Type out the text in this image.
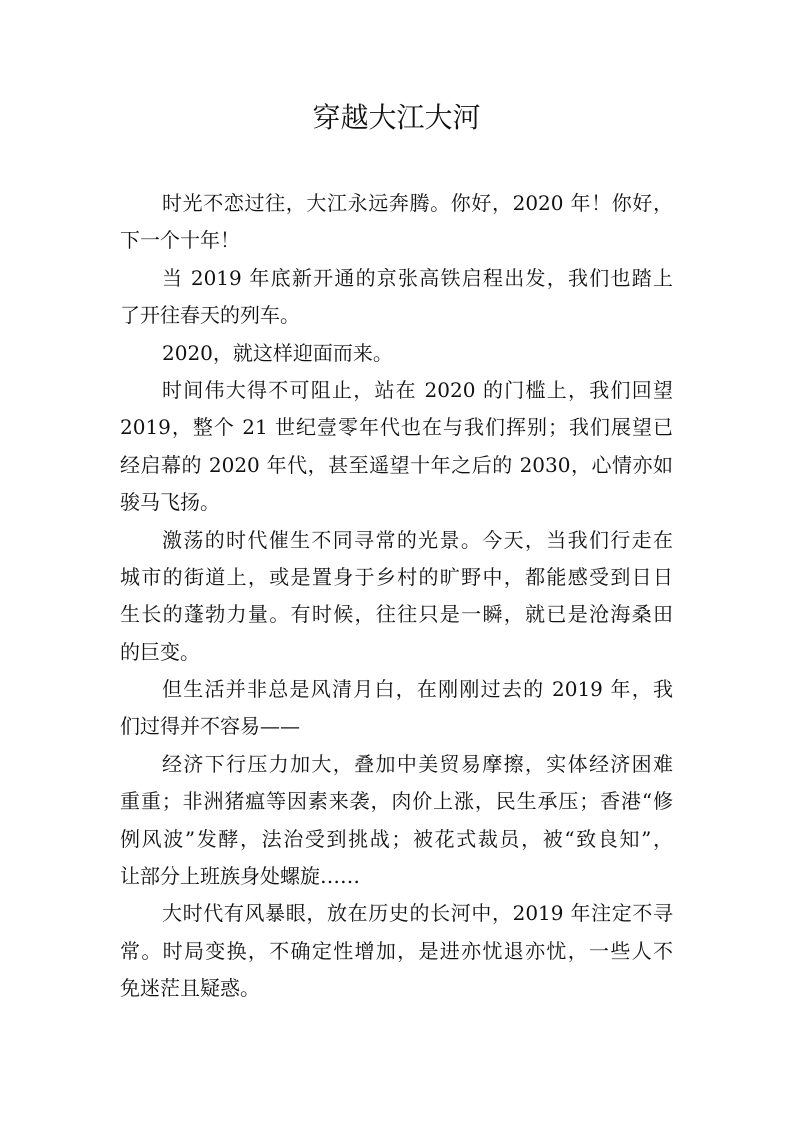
穿越大江大河
时光不恋过往，大江永远奔腾。你好，2020 年！你好，
下一个十年！
当 2019 年底新开通的京张高铁启程出发，我们也踏上
了开往春天的列车。
2020，就这样迎面而来。
时间伟大得不可阻止，站在 2020 的门槛上，我们回望
2019，整个 21 世纪壹零年代也在与我们挥别；我们展望已
经启幕的 2020 年代，甚至遥望十年之后的 2030，心情亦如
骏马飞扬。
激荡的时代催生不同寻常的光景。今天，当我们行走在
城市的街道上，或是置身于乡村的旷野中，都能感受到日日
生长的蓬勃力量。有时候，往往只是一瞬，就已是沧海桑田
的巨变。
但生活并非总是风清月白，在刚刚过去的 2019 年，我
们过得并不容易——
经济下行压力加大，叠加中美贸易摩擦，实体经济困难
重重；非洲猪瘟等因素来袭，肉价上涨，民生承压；香港“修
例风波”发酵，法治受到挑战；被花式裁员，被“致良知”，
让部分上班族身处螺旋……
大时代有风暴眼，放在历史的长河中，2019 年注定不寻
常。时局变换，不确定性增加，是进亦忧退亦忧，一些人不
免迷茫且疑惑。
